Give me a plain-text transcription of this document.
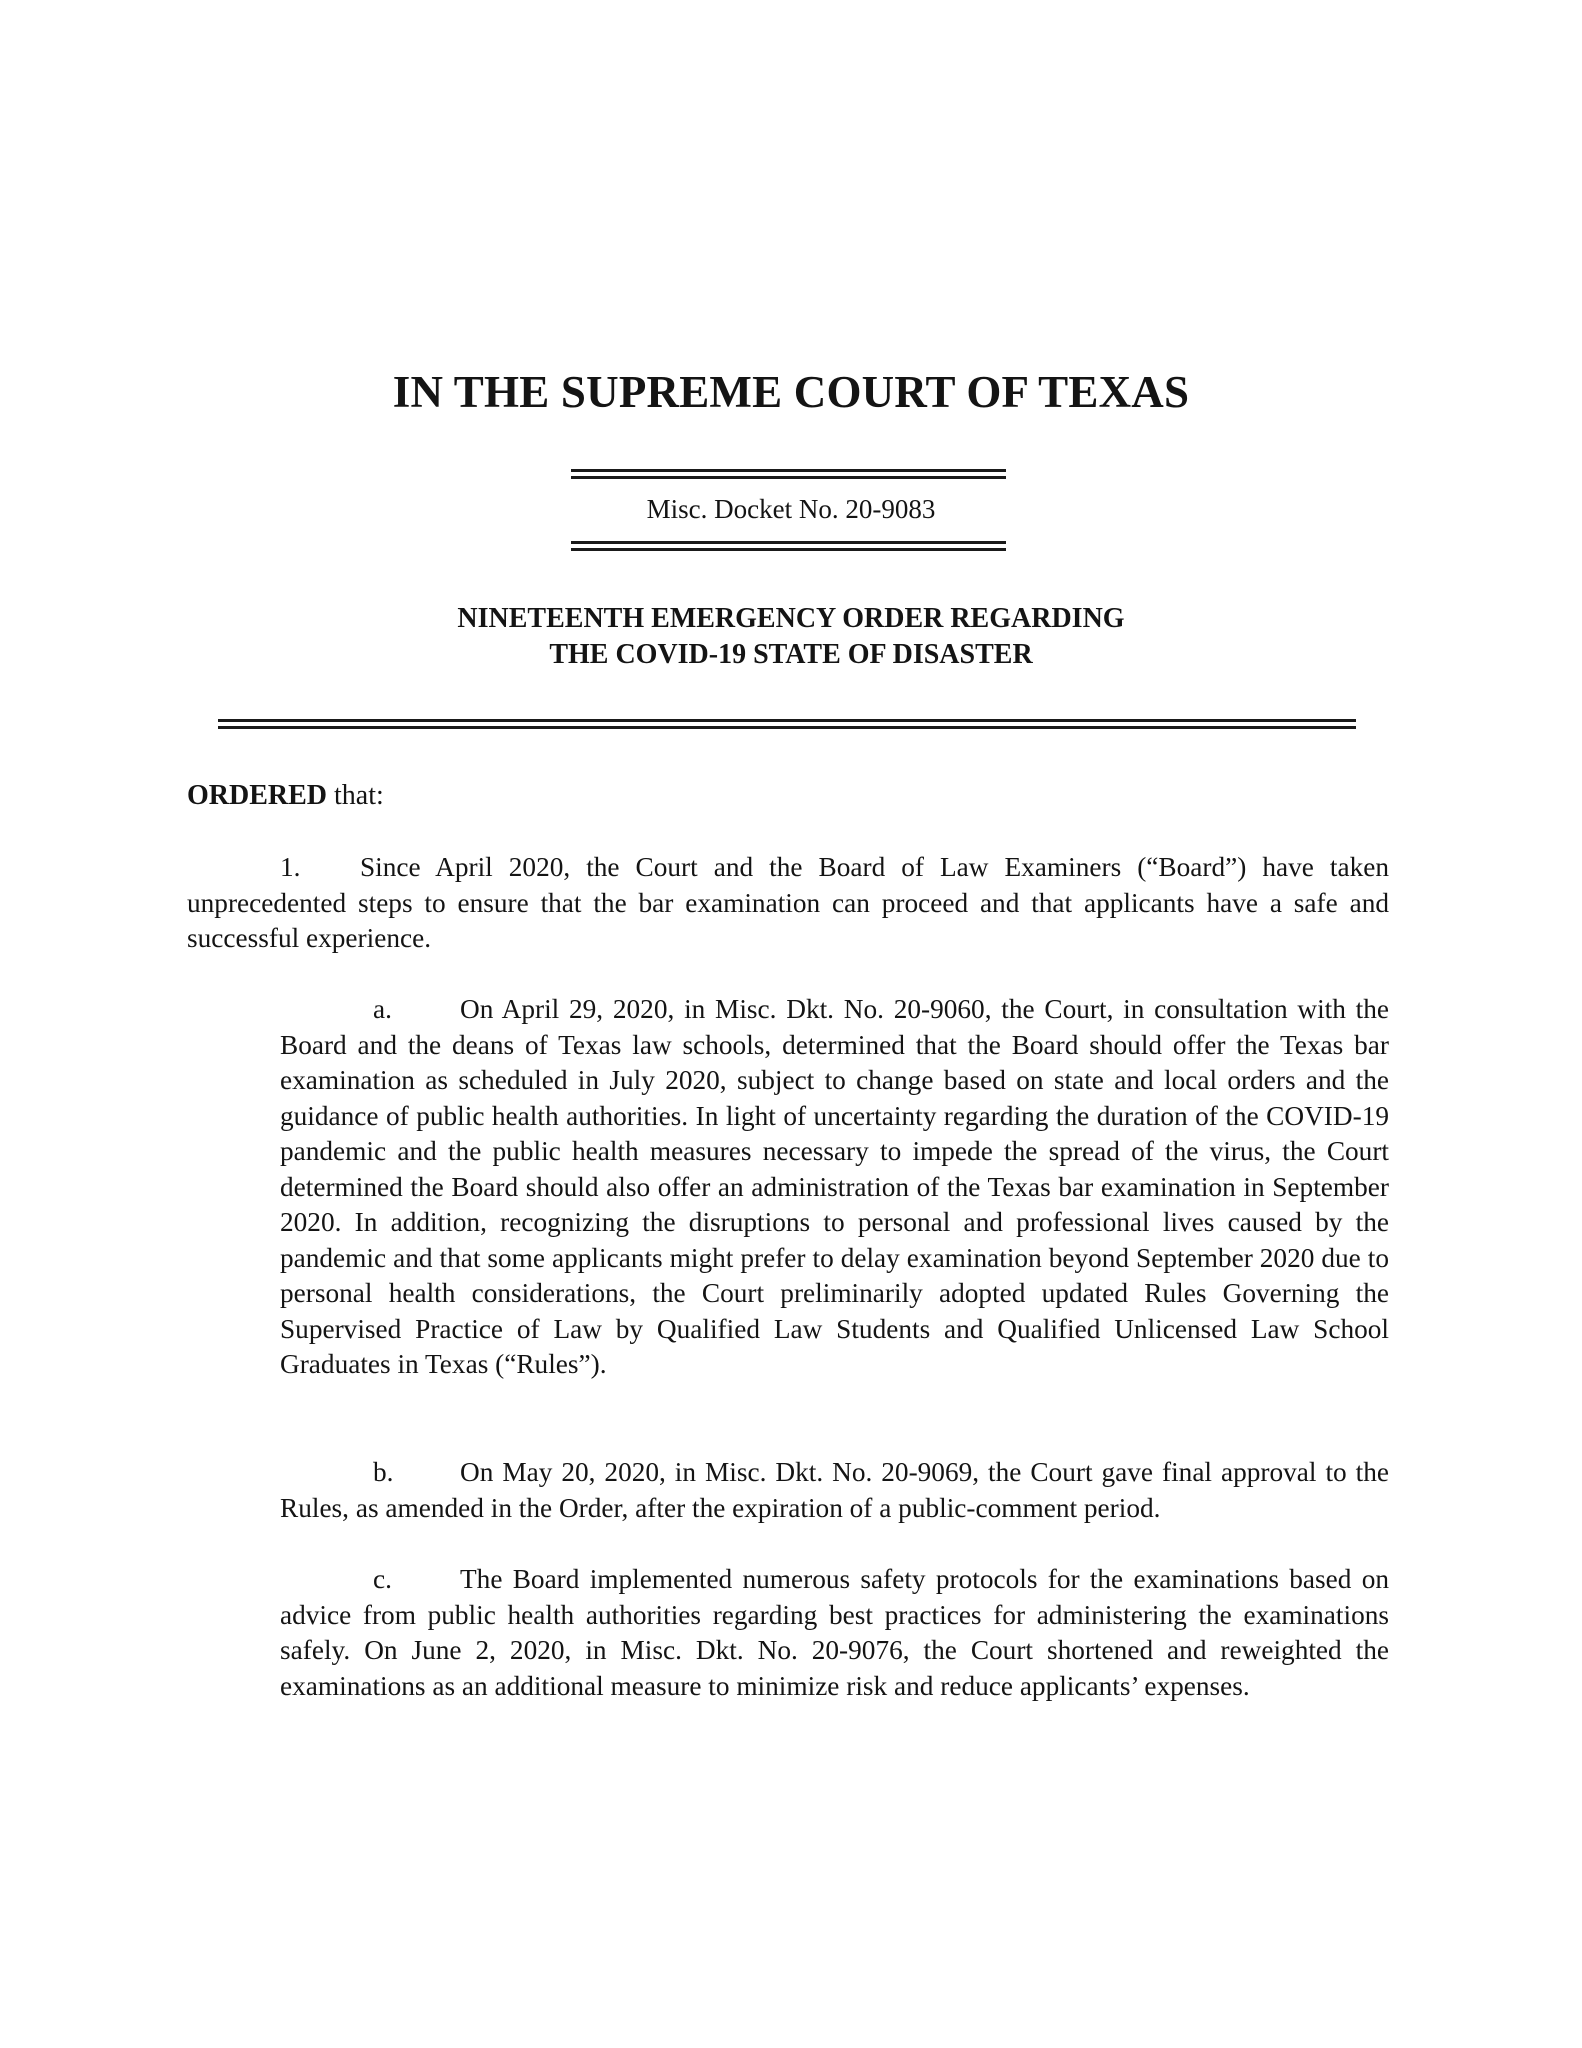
IN THE SUPREME COURT OF TEXAS
Misc. Docket No. 20-9083
NINETEENTH EMERGENCY ORDER REGARDING
THE COVID-19 STATE OF DISASTER
ORDERED that:
1. Since April 2020, the Court and the Board of Law Examiners (“Board”) have taken unprecedented steps to ensure that the bar examination can proceed and that applicants have a safe and successful experience.
a. On April 29, 2020, in Misc. Dkt. No. 20-9060, the Court, in consultation with the Board and the deans of Texas law schools, determined that the Board should offer the Texas bar examination as scheduled in July 2020, subject to change based on state and local orders and the guidance of public health authorities. In light of uncertainty regarding the duration of the COVID-19 pandemic and the public health measures necessary to impede the spread of the virus, the Court determined the Board should also offer an administration of the Texas bar examination in September 2020. In addition, recognizing the disruptions to personal and professional lives caused by the pandemic and that some applicants might prefer to delay examination beyond September 2020 due to personal health considerations, the Court preliminarily adopted updated Rules Governing the Supervised Practice of Law by Qualified Law Students and Qualified Unlicensed Law School Graduates in Texas (“Rules”).
b. On May 20, 2020, in Misc. Dkt. No. 20-9069, the Court gave final approval to the Rules, as amended in the Order, after the expiration of a public-comment period.
c. The Board implemented numerous safety protocols for the examinations based on advice from public health authorities regarding best practices for administering the examinations safely. On June 2, 2020, in Misc. Dkt. No. 20-9076, the Court shortened and reweighted the examinations as an additional measure to minimize risk and reduce applicants’ expenses.
